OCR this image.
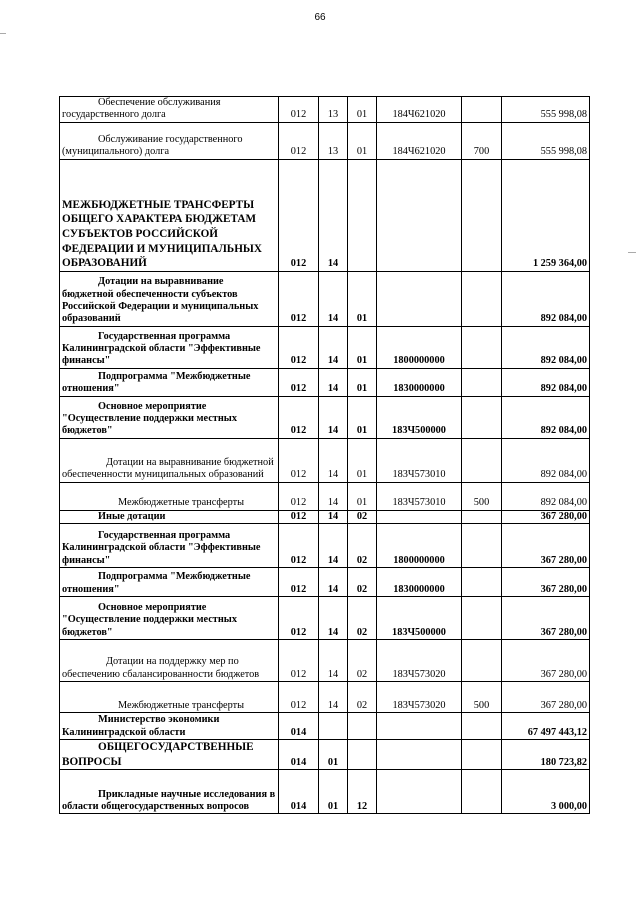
66
Обеспечение обслуживания государственного долга	012	13	01	184Ч621020		555 998,08
Обслуживание государственного (муниципального) долга	012	13	01	184Ч621020	700	555 998,08
МЕЖБЮДЖЕТНЫЕ ТРАНСФЕРТЫ ОБЩЕГО ХАРАКТЕРА БЮДЖЕТАМ СУБЪЕКТОВ РОССИЙСКОЙ ФЕДЕРАЦИИ И МУНИЦИПАЛЬНЫХ ОБРАЗОВАНИЙ	012	14				1 259 364,00
Дотации на выравнивание бюджетной обеспеченности субъектов Российской Федерации и муниципальных образований	012	14	01			892 084,00
Государственная программа Калининградской области "Эффективные финансы"	012	14	01	1800000000		892 084,00
Подпрограмма "Межбюджетные отношения"	012	14	01	1830000000		892 084,00
Основное мероприятие "Осуществление поддержки местных бюджетов"	012	14	01	183Ч500000		892 084,00
Дотации на выравнивание бюджетной обеспеченности муниципальных образований	012	14	01	183Ч573010		892 084,00
Межбюджетные трансферты	012	14	01	183Ч573010	500	892 084,00
Иные дотации	012	14	02			367 280,00
Государственная программа Калининградской области "Эффективные финансы"	012	14	02	1800000000		367 280,00
Подпрограмма "Межбюджетные отношения"	012	14	02	1830000000		367 280,00
Основное мероприятие "Осуществление поддержки местных бюджетов"	012	14	02	183Ч500000		367 280,00
Дотации на поддержку мер по обеспечению сбалансированности бюджетов	012	14	02	183Ч573020		367 280,00
Межбюджетные трансферты	012	14	02	183Ч573020	500	367 280,00
Министерство экономики Калининградской области	014					67 497 443,12
ОБЩЕГОСУДАРСТВЕННЫЕ ВОПРОСЫ	014	01				180 723,82
Прикладные научные исследования в области общегосударственных вопросов	014	01	12			3 000,00
